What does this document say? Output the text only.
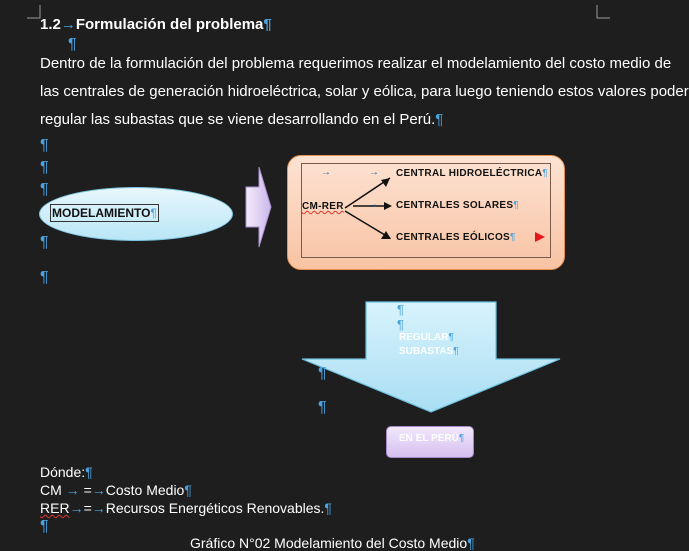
1.2→Formulación del problema¶
¶
Dentro de la formulación del problema requerimos realizar el modelamiento del costo medio de
las centrales de generación hidroeléctrica, solar y eólica, para luego teniendo estos valores poder
regular las subastas que se viene desarrollando en el Perú.¶
¶
¶
¶
¶
¶
MODELAMIENTO¶
→	→
→
CM-RER
CENTRAL HIDROELÉCTRICA¶
CENTRALES SOLARES¶
CENTRALES EÓLICOS¶
¶
¶
REGULAR¶
SUBASTAS¶
¶
¶
EN EL PERÚ¶
Dónde:¶
CM → =→Costo Medio¶
RER→=→Recursos Energéticos Renovables.¶
¶
Gráfico N°02 Modelamiento del Costo Medio¶
